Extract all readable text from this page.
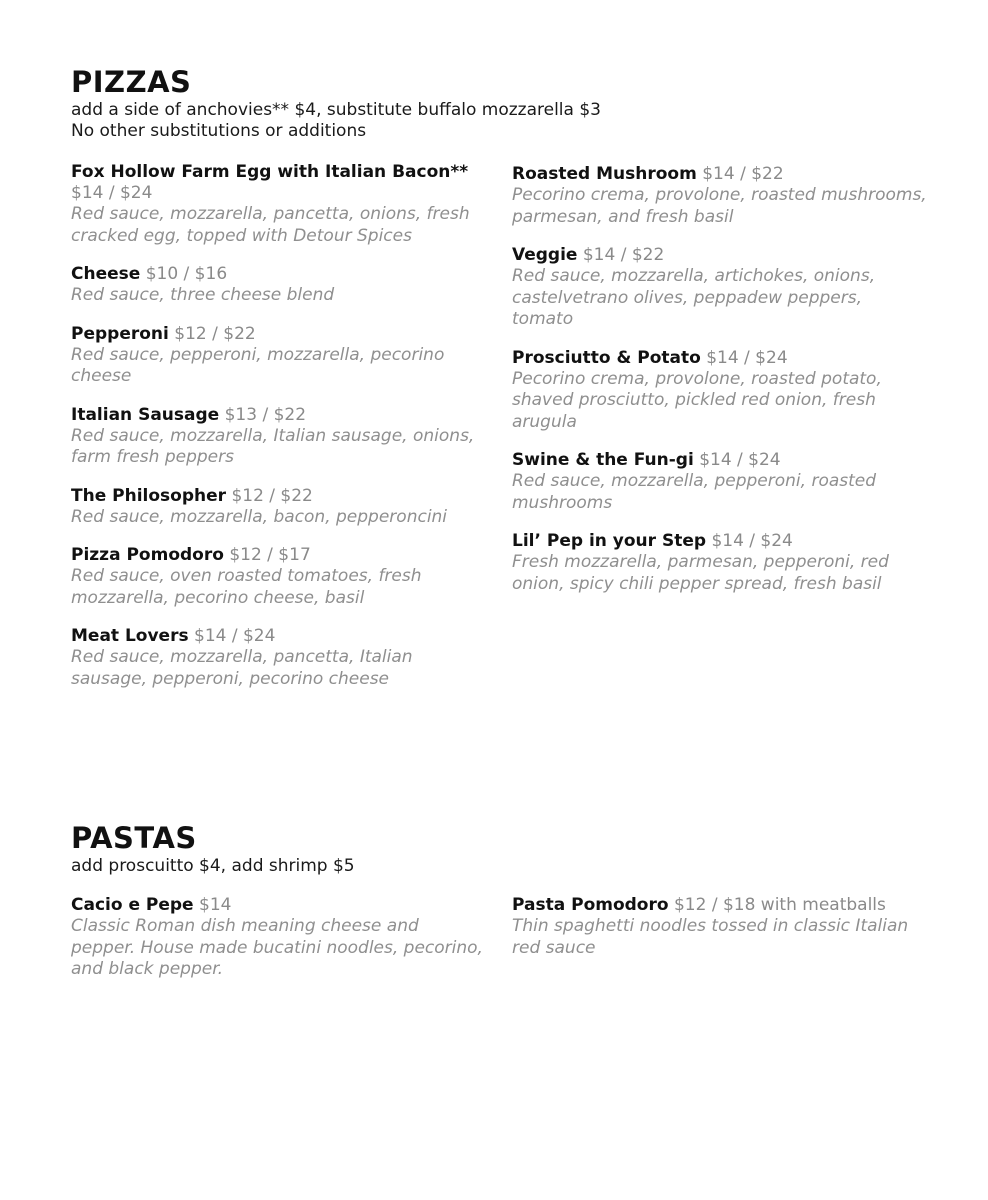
PIZZAS

add a side of anchovies** $4, substitute buffalo mozzarella $3

No other substitutions or additions

Fox Hollow Farm Egg with Italian Bacon** $14 / $24
Red sauce, mozzarella, pancetta, onions, fresh cracked egg, topped with Detour Spices
Cheese $10 / $16
Red sauce, three cheese blend
Pepperoni $12 / $22
Red sauce, pepperoni, mozzarella, pecorino cheese
Italian Sausage $13 / $22
Red sauce, mozzarella, Italian sausage, onions, farm fresh peppers
The Philosopher $12 / $22
Red sauce, mozzarella, bacon, pepperoncini
Pizza Pomodoro $12 / $17
Red sauce, oven roasted tomatoes, fresh mozzarella, pecorino cheese, basil
Meat Lovers $14 / $24
Red sauce, mozzarella, pancetta, Italian sausage, pepperoni, pecorino cheese
Roasted Mushroom $14 / $22
Pecorino crema, provolone, roasted mushrooms, parmesan, and fresh basil
Veggie $14 / $22
Red sauce, mozzarella, artichokes, onions, castelvetrano olives, peppadew peppers, tomato
Prosciutto & Potato $14 / $24
Pecorino crema, provolone, roasted potato, shaved prosciutto, pickled red onion, fresh arugula
Swine & the Fun-gi $14 / $24
Red sauce, mozzarella, pepperoni, roasted mushrooms
Lil’ Pep in your Step $14 / $24
Fresh mozzarella, parmesan, pepperoni, red onion, spicy chili pepper spread, fresh basil
PASTAS

add proscuitto $4, add shrimp $5

Cacio e Pepe $14
Classic Roman dish meaning cheese and pepper. House made bucatini noodles, pecorino, and black pepper.
Pasta Pomodoro $12 / $18 with meatballs
Thin spaghetti noodles tossed in classic Italian red sauce
